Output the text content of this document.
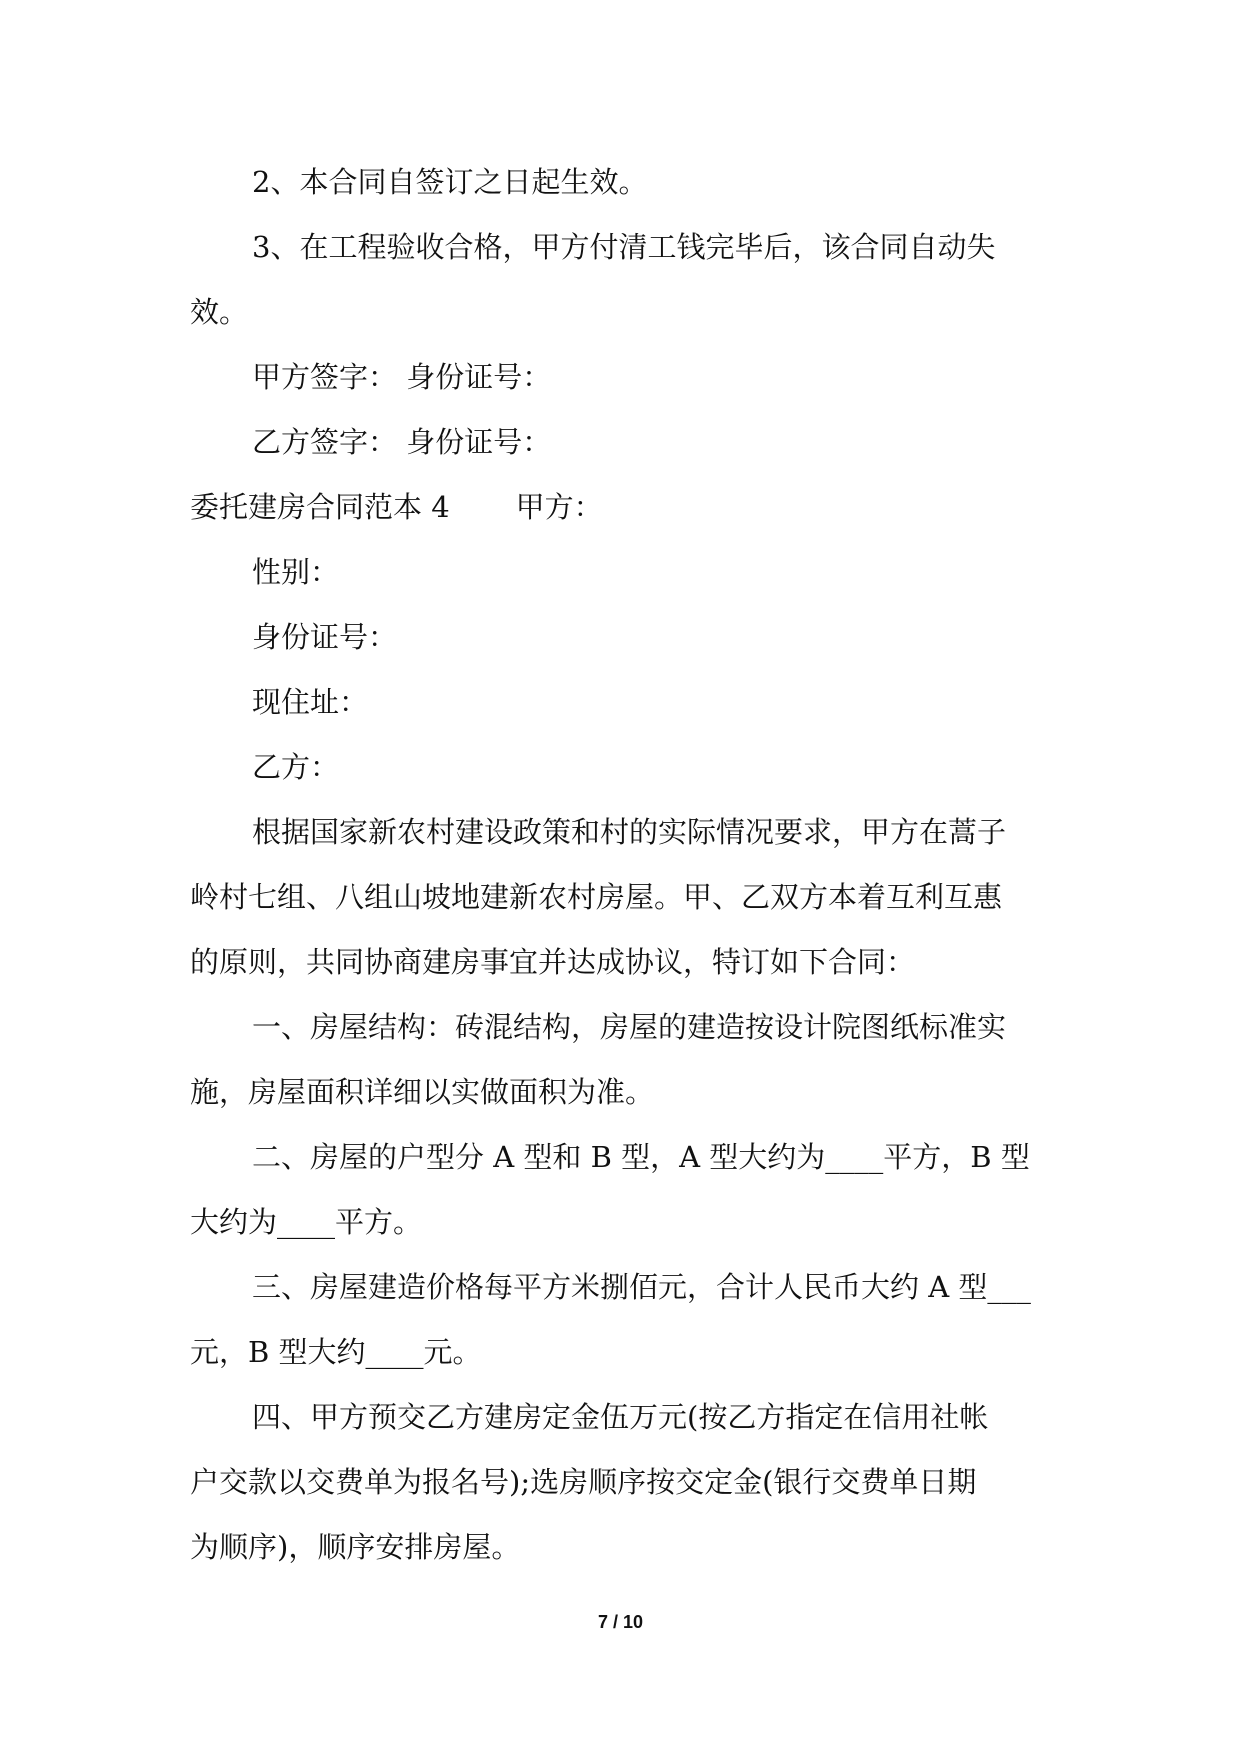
2、本合同自签订之日起生效。
3、在工程验收合格，甲方付清工钱完毕后，该合同自动失
效。
甲方签字： 身份证号：
乙方签字： 身份证号：
委托建房合同范本 4 甲方：
性别：
身份证号：
现住址：
乙方：
根据国家新农村建设政策和村的实际情况要求，甲方在蒿子
岭村七组、八组山坡地建新农村房屋。甲、乙双方本着互利互惠
的原则，共同协商建房事宜并达成协议，特订如下合同：
一、房屋结构：砖混结构，房屋的建造按设计院图纸标准实
施，房屋面积详细以实做面积为准。
二、房屋的户型分 A 型和 B 型，A 型大约为____平方，B 型
大约为____平方。
三、房屋建造价格每平方米捌佰元，合计人民币大约 A 型___
元，B 型大约____元。
四、甲方预交乙方建房定金伍万元(按乙方指定在信用社帐
户交款以交费单为报名号);选房顺序按交定金(银行交费单日期
为顺序)，顺序安排房屋。
7 / 10
